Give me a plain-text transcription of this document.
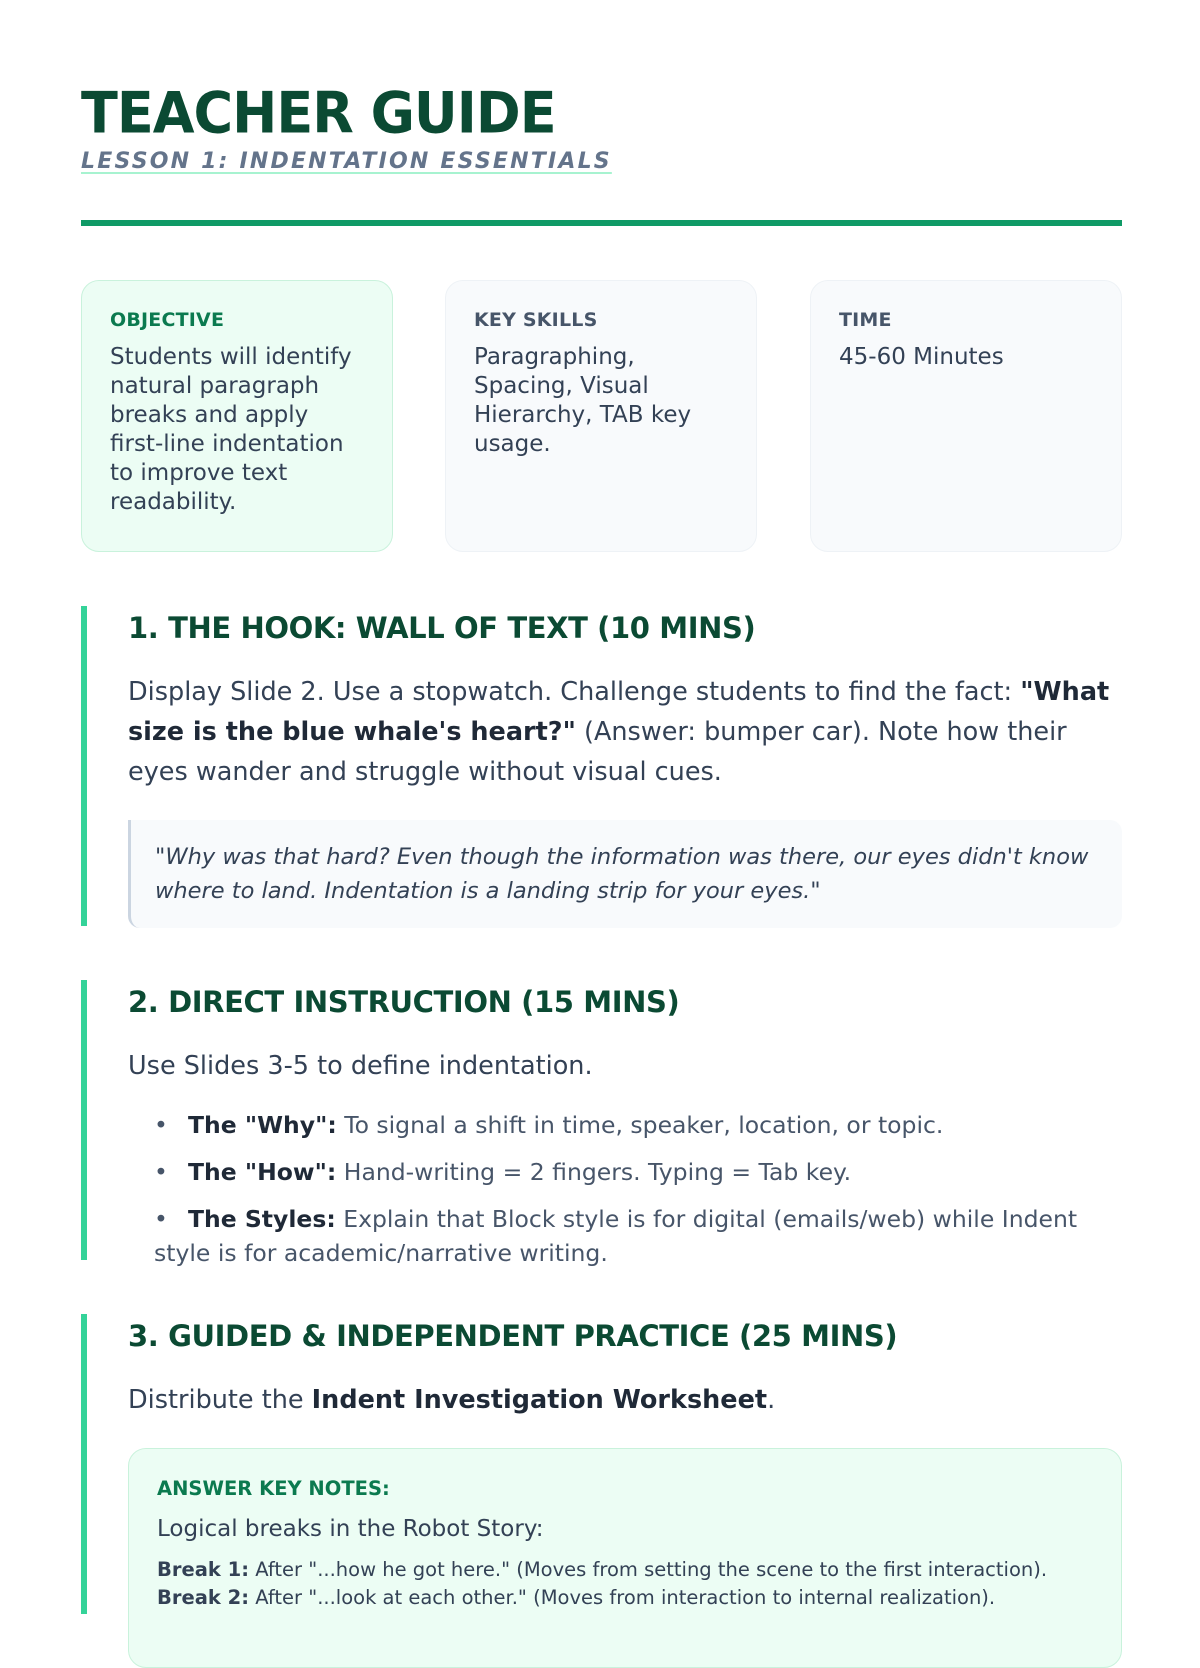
TEACHER GUIDE
LESSON 1: INDENTATION ESSENTIALS
OBJECTIVE
Students will identify natural paragraph breaks and apply first-line indentation to improve text readability.
KEY SKILLS
Paragraphing, Spacing, Visual Hierarchy, TAB key usage.
TIME
45-60 Minutes
1. THE HOOK: WALL OF TEXT (10 MINS)
Display Slide 2. Use a stopwatch. Challenge students to find the fact: "What size is the blue whale's heart?" (Answer: bumper car). Note how their eyes wander and struggle without visual cues.
"Why was that hard? Even though the information was there, our eyes didn't know where to land. Indentation is a landing strip for your eyes."
2. DIRECT INSTRUCTION (15 MINS)
Use Slides 3-5 to define indentation.
• The "Why": To signal a shift in time, speaker, location, or topic.
• The "How": Hand-writing = 2 fingers. Typing = Tab key.
• The Styles: Explain that Block style is for digital (emails/web) while Indent style is for academic/narrative writing.
3. GUIDED & INDEPENDENT PRACTICE (25 MINS)
Distribute the Indent Investigation Worksheet.
ANSWER KEY NOTES:
Logical breaks in the Robot Story:
Break 1: After "...how he got here." (Moves from setting the scene to the first interaction).
Break 2: After "...look at each other." (Moves from interaction to internal realization).
